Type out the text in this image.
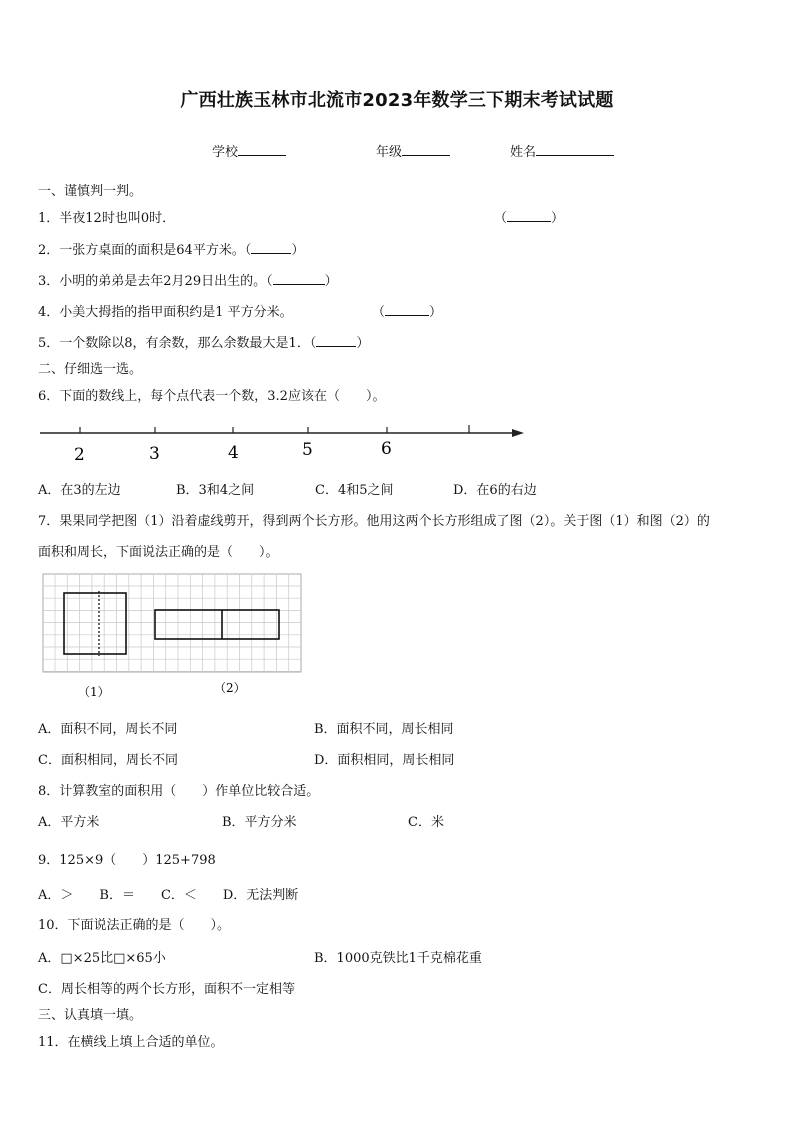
广西壮族玉林市北流市2023年数学三下期末考试试题
学校	年级	姓名
一、谨慎判一判。
1．半夜12时也叫0时．	（	）
2．一张方桌面的面积是64平方米。（	）
3．小明的弟弟是去年2月29日出生的。（	）
4．小美大拇指的指甲面积约是1 平方分米。	（	）
5．一个数除以8，有余数，那么余数最大是1．（	）
二、仔细选一选。
6．下面的数线上，每个点代表一个数，3.2应该在（　　）。
2	3	4	5	6
A．在3的左边	B．3和4之间	C．4和5之间	D．在6的右边
7．果果同学把图（1）沿着虚线剪开，得到两个长方形。他用这两个长方形组成了图（2）。关于图（1）和图（2）的
面积和周长，下面说法正确的是（　　）。
（1）	（2）
A．面积不同，周长不同	B．面积不同，周长相同
C．面积相同，周长不同	D．面积相同，周长相同
8．计算教室的面积用（　　）作单位比较合适。
A．平方米	B．平方分米	C．米
9．125×9（　　）125+798
A．＞　　B．＝　　C．＜　　D．无法判断
10．下面说法正确的是（　　）。
A．□×25比□×65小	B．1000克铁比1千克棉花重
C．周长相等的两个长方形，面积不一定相等
三、认真填一填。
11．在横线上填上合适的单位。
